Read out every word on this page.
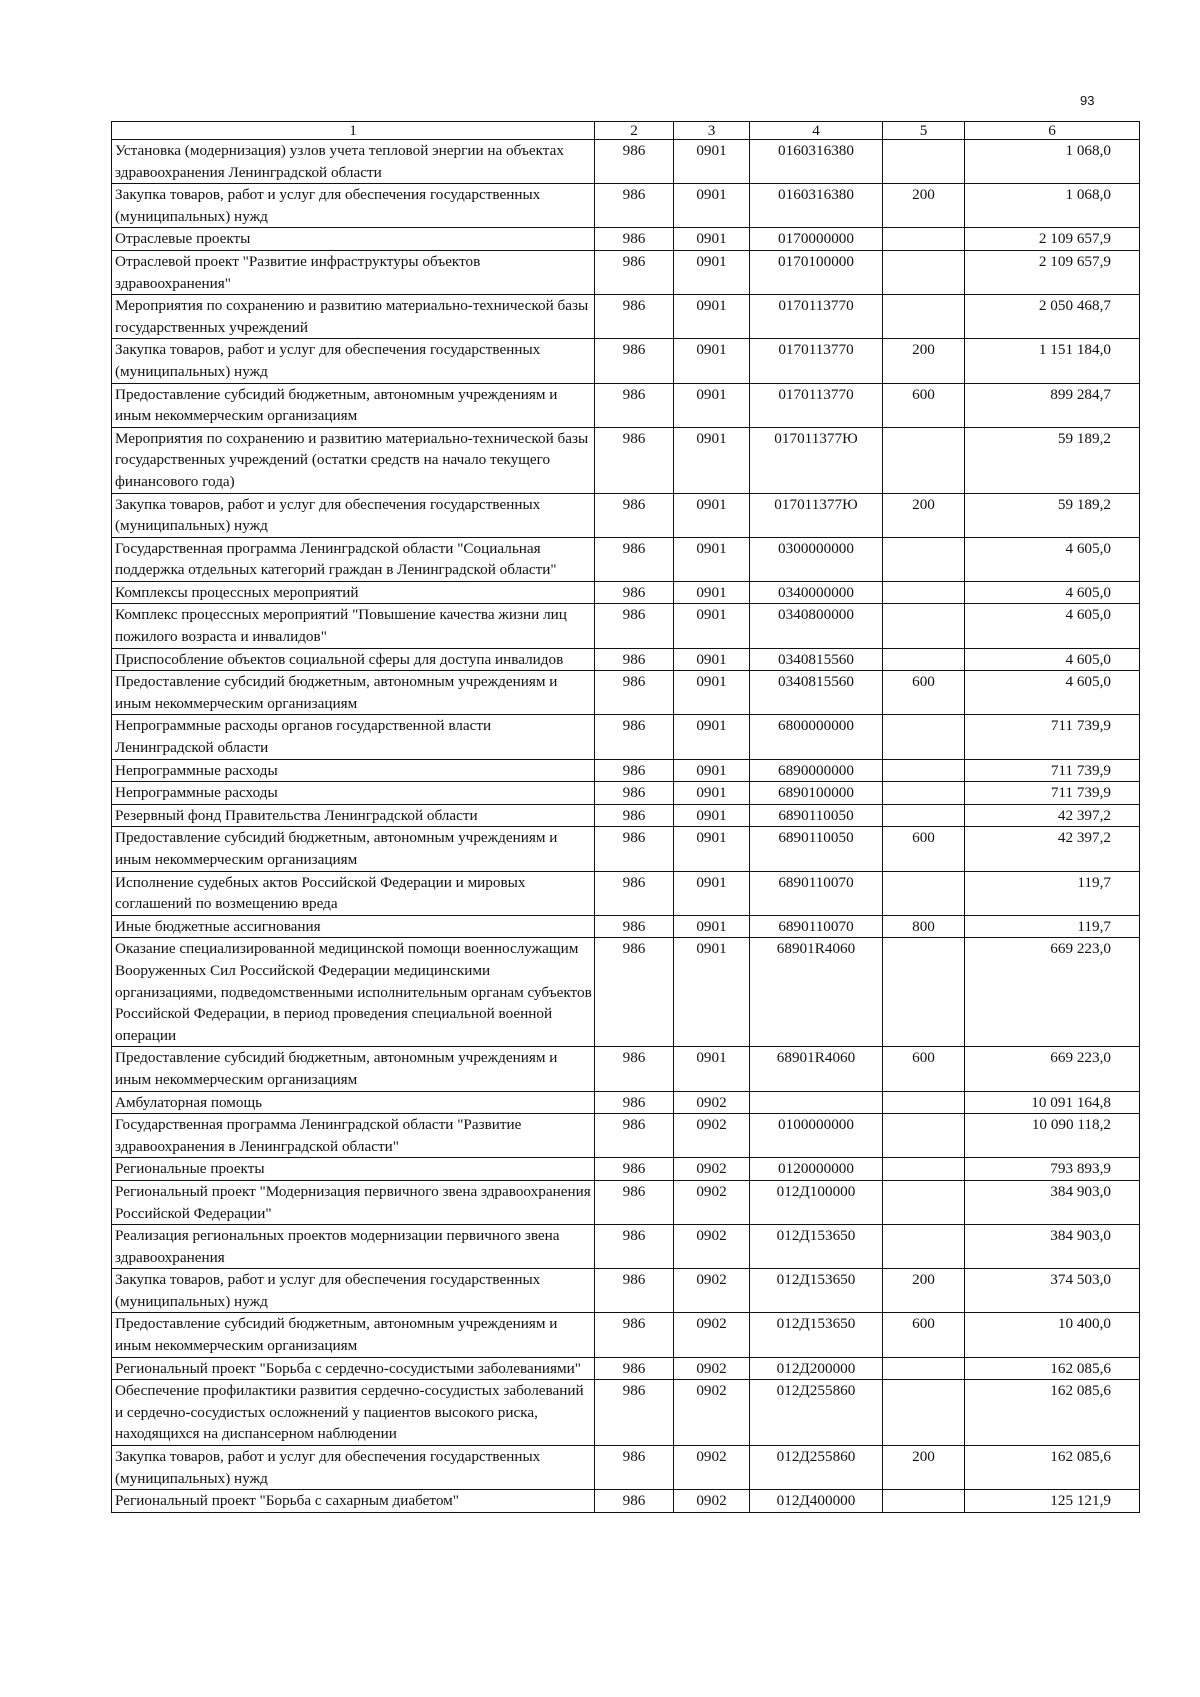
93
1	2	3	4	5	6
Установка (модернизация) узлов учета тепловой энергии на объектах здравоохранения Ленинградской области	986	0901	0160316380		1 068,0
Закупка товаров, работ и услуг для обеспечения государственных (муниципальных) нужд	986	0901	0160316380	200	1 068,0
Отраслевые проекты	986	0901	0170000000		2 109 657,9
Отраслевой проект "Развитие инфраструктуры объектов здравоохранения"	986	0901	0170100000		2 109 657,9
Мероприятия по сохранению и развитию материально-технической базы государственных учреждений	986	0901	0170113770		2 050 468,7
Закупка товаров, работ и услуг для обеспечения государственных (муниципальных) нужд	986	0901	0170113770	200	1 151 184,0
Предоставление субсидий бюджетным, автономным учреждениям и иным некоммерческим организациям	986	0901	0170113770	600	899 284,7
Мероприятия по сохранению и развитию материально-технической базы государственных учреждений (остатки средств на начало текущего финансового года)	986	0901	017011377Ю		59 189,2
Закупка товаров, работ и услуг для обеспечения государственных (муниципальных) нужд	986	0901	017011377Ю	200	59 189,2
Государственная программа Ленинградской области "Социальная поддержка отдельных категорий граждан в Ленинградской области"	986	0901	0300000000		4 605,0
Комплексы процессных мероприятий	986	0901	0340000000		4 605,0
Комплекс процессных мероприятий "Повышение качества жизни лиц пожилого возраста и инвалидов"	986	0901	0340800000		4 605,0
Приспособление объектов социальной сферы для доступа инвалидов	986	0901	0340815560		4 605,0
Предоставление субсидий бюджетным, автономным учреждениям и иным некоммерческим организациям	986	0901	0340815560	600	4 605,0
Непрограммные расходы органов государственной власти Ленинградской области	986	0901	6800000000		711 739,9
Непрограммные расходы	986	0901	6890000000		711 739,9
Непрограммные расходы	986	0901	6890100000		711 739,9
Резервный фонд Правительства Ленинградской области	986	0901	6890110050		42 397,2
Предоставление субсидий бюджетным, автономным учреждениям и иным некоммерческим организациям	986	0901	6890110050	600	42 397,2
Исполнение судебных актов Российской Федерации и мировых соглашений по возмещению вреда	986	0901	6890110070		119,7
Иные бюджетные ассигнования	986	0901	6890110070	800	119,7
Оказание специализированной медицинской помощи военнослужащим Вооруженных Сил Российской Федерации медицинскими организациями, подведомственными исполнительным органам субъектов Российской Федерации, в период проведения специальной военной операции	986	0901	68901R4060		669 223,0
Предоставление субсидий бюджетным, автономным учреждениям и иным некоммерческим организациям	986	0901	68901R4060	600	669 223,0
Амбулаторная помощь	986	0902			10 091 164,8
Государственная программа Ленинградской области "Развитие здравоохранения в Ленинградской области"	986	0902	0100000000		10 090 118,2
Региональные проекты	986	0902	0120000000		793 893,9
Региональный проект "Модернизация первичного звена здравоохранения Российской Федерации"	986	0902	012Д100000		384 903,0
Реализация региональных проектов модернизации первичного звена здравоохранения	986	0902	012Д153650		384 903,0
Закупка товаров, работ и услуг для обеспечения государственных (муниципальных) нужд	986	0902	012Д153650	200	374 503,0
Предоставление субсидий бюджетным, автономным учреждениям и иным некоммерческим организациям	986	0902	012Д153650	600	10 400,0
Региональный проект "Борьба с сердечно-сосудистыми заболеваниями"	986	0902	012Д200000		162 085,6
Обеспечение профилактики развития сердечно-сосудистых заболеваний и сердечно-сосудистых осложнений у пациентов высокого риска, находящихся на диспансерном наблюдении	986	0902	012Д255860		162 085,6
Закупка товаров, работ и услуг для обеспечения государственных (муниципальных) нужд	986	0902	012Д255860	200	162 085,6
Региональный проект "Борьба с сахарным диабетом"	986	0902	012Д400000		125 121,9
